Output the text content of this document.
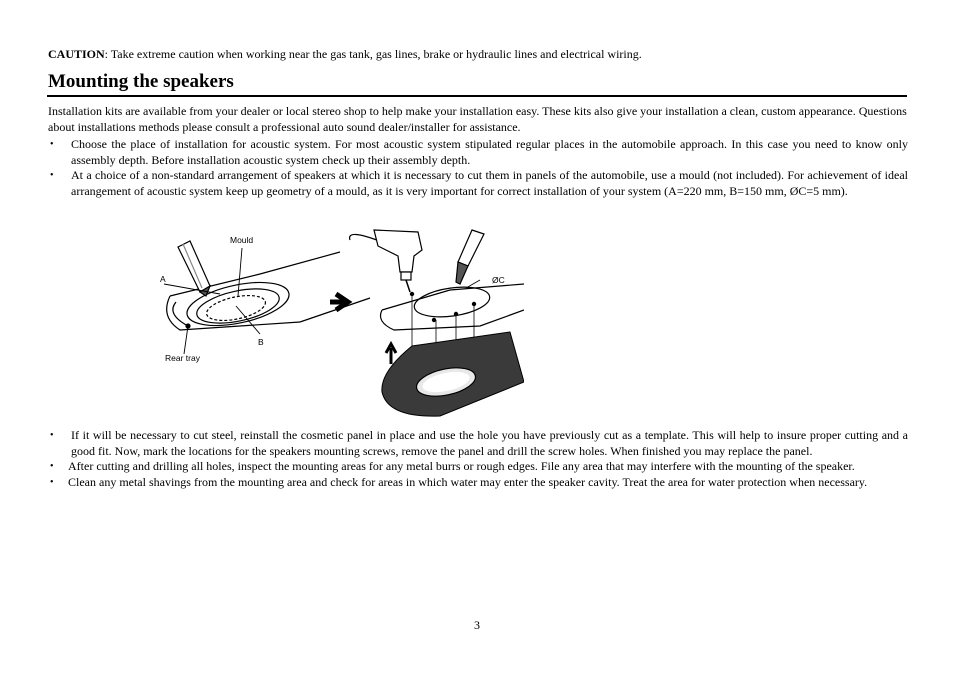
CAUTION: Take extreme caution when working near the gas tank, gas lines, brake or hydraulic lines and electrical wiring.
Mounting the speakers
Installation kits are available from your dealer or local stereo shop to help make your installation easy. These kits also give your installation a clean, custom appearance. Questions about installations methods please consult a professional auto sound dealer/installer for assistance.
• Choose the place of installation for acoustic system. For most acoustic system stipulated regular places in the automobile approach. In this case you need to know only assembly depth. Before installation acoustic system check up their assembly depth.
• At a choice of a non-standard arrangement of speakers at which it is necessary to cut them in panels of the automobile, use a mould (not included). For achievement of ideal arrangement of acoustic system keep up geometry of a mould, as it is very important for correct installation of your system (A=220 mm, B=150 mm, ØC=5 mm).
Mould
A
B
Rear tray
ØC
• If it will be necessary to cut steel, reinstall the cosmetic panel in place and use the hole you have previously cut as a template. This will help to insure proper cutting and a good fit. Now, mark the locations for the speakers mounting screws, remove the panel and drill the screw holes. When finished you may replace the panel.
• After cutting and drilling all holes, inspect the mounting areas for any metal burrs or rough edges. File any area that may interfere with the mounting of the speaker.
• Clean any metal shavings from the mounting area and check for areas in which water may enter the speaker cavity. Treat the area for water protection when necessary.
3
